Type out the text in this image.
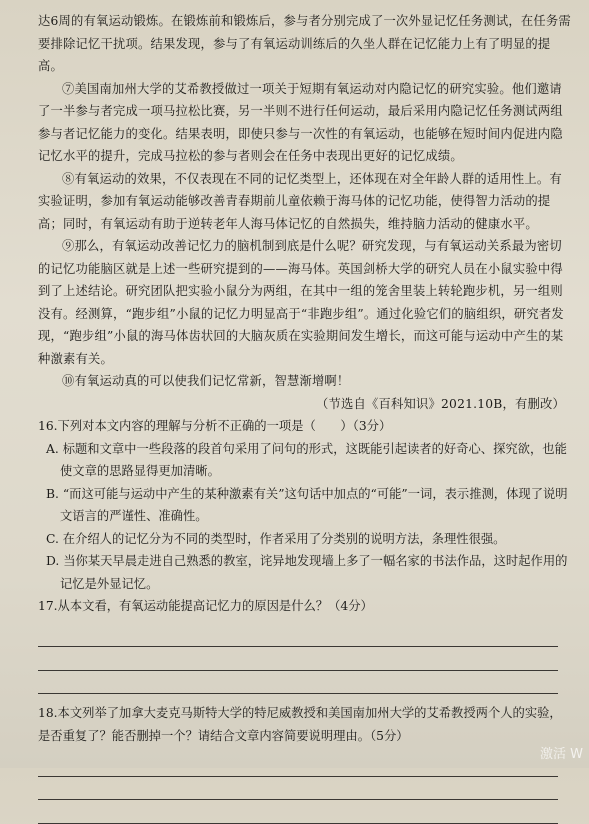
达6周的有氧运动锻炼。在锻炼前和锻炼后，参与者分别完成了一次外显记忆任务测试，在任务需要排除记忆干扰项。结果发现，参与了有氧运动训练后的久坐人群在记忆能力上有了明显的提高。

⑦美国南加州大学的艾希教授做过一项关于短期有氧运动对内隐记忆的研究实验。他们邀请了一半参与者完成一项马拉松比赛，另一半则不进行任何运动，最后采用内隐记忆任务测试两组参与者记忆能力的变化。结果表明，即使只参与一次性的有氧运动，也能够在短时间内促进内隐记忆水平的提升，完成马拉松的参与者则会在任务中表现出更好的记忆成绩。

⑧有氧运动的效果，不仅表现在不同的记忆类型上，还体现在对全年龄人群的适用性上。有实验证明，参加有氧运动能够改善青春期前儿童依赖于海马体的记忆功能，使得智力活动的提高；同时，有氧运动有助于逆转老年人海马体记忆的自然损失，维持脑力活动的健康水平。

⑨那么，有氧运动改善记忆力的脑机制到底是什么呢？研究发现，与有氧运动关系最为密切的记忆功能脑区就是上述一些研究提到的——海马体。英国剑桥大学的研究人员在小鼠实验中得到了上述结论。研究团队把实验小鼠分为两组，在其中一组的笼舍里装上转轮跑步机，另一组则没有。经测算，“跑步组”小鼠的记忆力明显高于“非跑步组”。通过化验它们的脑组织，研究者发现，“跑步组”小鼠的海马体齿状回的大脑灰质在实验期间发生增长，而这可能与运动中产生的某种激素有关。

⑩有氧运动真的可以使我们记忆常新，智慧渐增啊！

（节选自《百科知识》2021.10B，有删改）

16.下列对本文内容的理解与分析不正确的一项是（　　）（3分）

A. 标题和文章中一些段落的段首句采用了问句的形式，这既能引起读者的好奇心、探究欲，也能使文章的思路显得更加清晰。

B. “而这可能与运动中产生的某种激素有关”这句话中加点的“可能”一词，表示推测，体现了说明文语言的严谨性、准确性。

C. 在介绍人的记忆分为不同的类型时，作者采用了分类别的说明方法，条理性很强。

D. 当你某天早晨走进自己熟悉的教室，诧异地发现墙上多了一幅名家的书法作品，这时起作用的记忆是外显记忆。

17.从本文看，有氧运动能提高记忆力的原因是什么？（4分）

18.本文列举了加拿大麦克马斯特大学的特尼威教授和美国南加州大学的艾希教授两个人的实验，是否重复了？能否删掉一个？请结合文章内容简要说明理由。（5分）

激活 W
